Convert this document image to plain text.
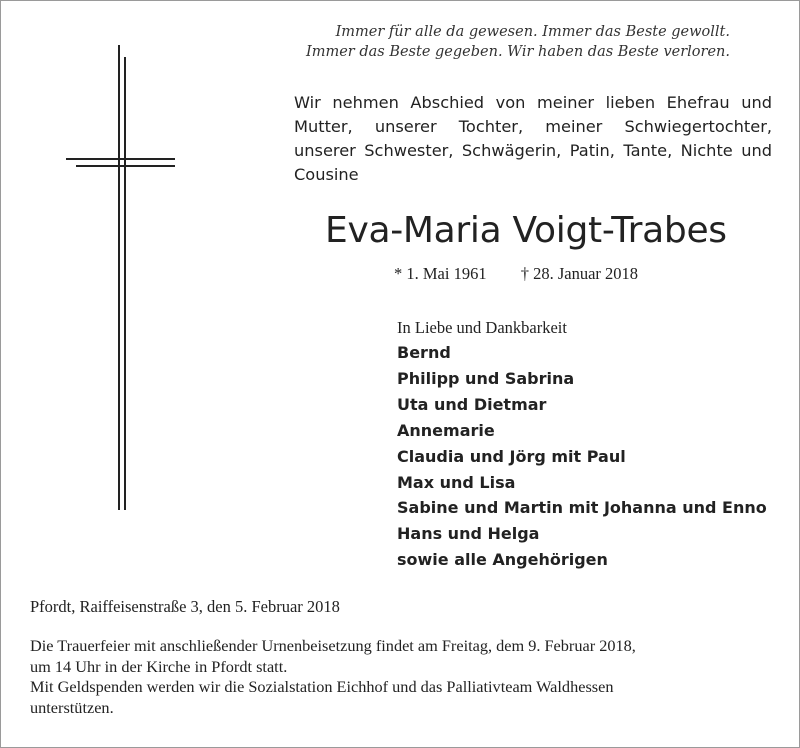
Immer für alle da gewesen. Immer das Beste gewollt.
Immer das Beste gegeben. Wir haben das Beste verloren.
Wir nehmen Abschied von meiner lieben Ehefrau und
Mutter, unserer Tochter, meiner Schwiegertochter,
unserer Schwester, Schwägerin, Patin, Tante, Nichte und
Cousine
Eva-Maria Voigt-Trabes
* 1. Mai 1961 † 28. Januar 2018
In Liebe und Dankbarkeit
Bernd
Philipp und Sabrina
Uta und Dietmar
Annemarie
Claudia und Jörg mit Paul
Max und Lisa
Sabine und Martin mit Johanna und Enno
Hans und Helga
sowie alle Angehörigen
Pfordt, Raiffeisenstraße 3, den 5. Februar 2018
Die Trauerfeier mit anschließender Urnenbeisetzung findet am Freitag, dem 9. Februar 2018,
um 14 Uhr in der Kirche in Pfordt statt.
Mit Geldspenden werden wir die Sozialstation Eichhof und das Palliativteam Waldhessen
unterstützen.
